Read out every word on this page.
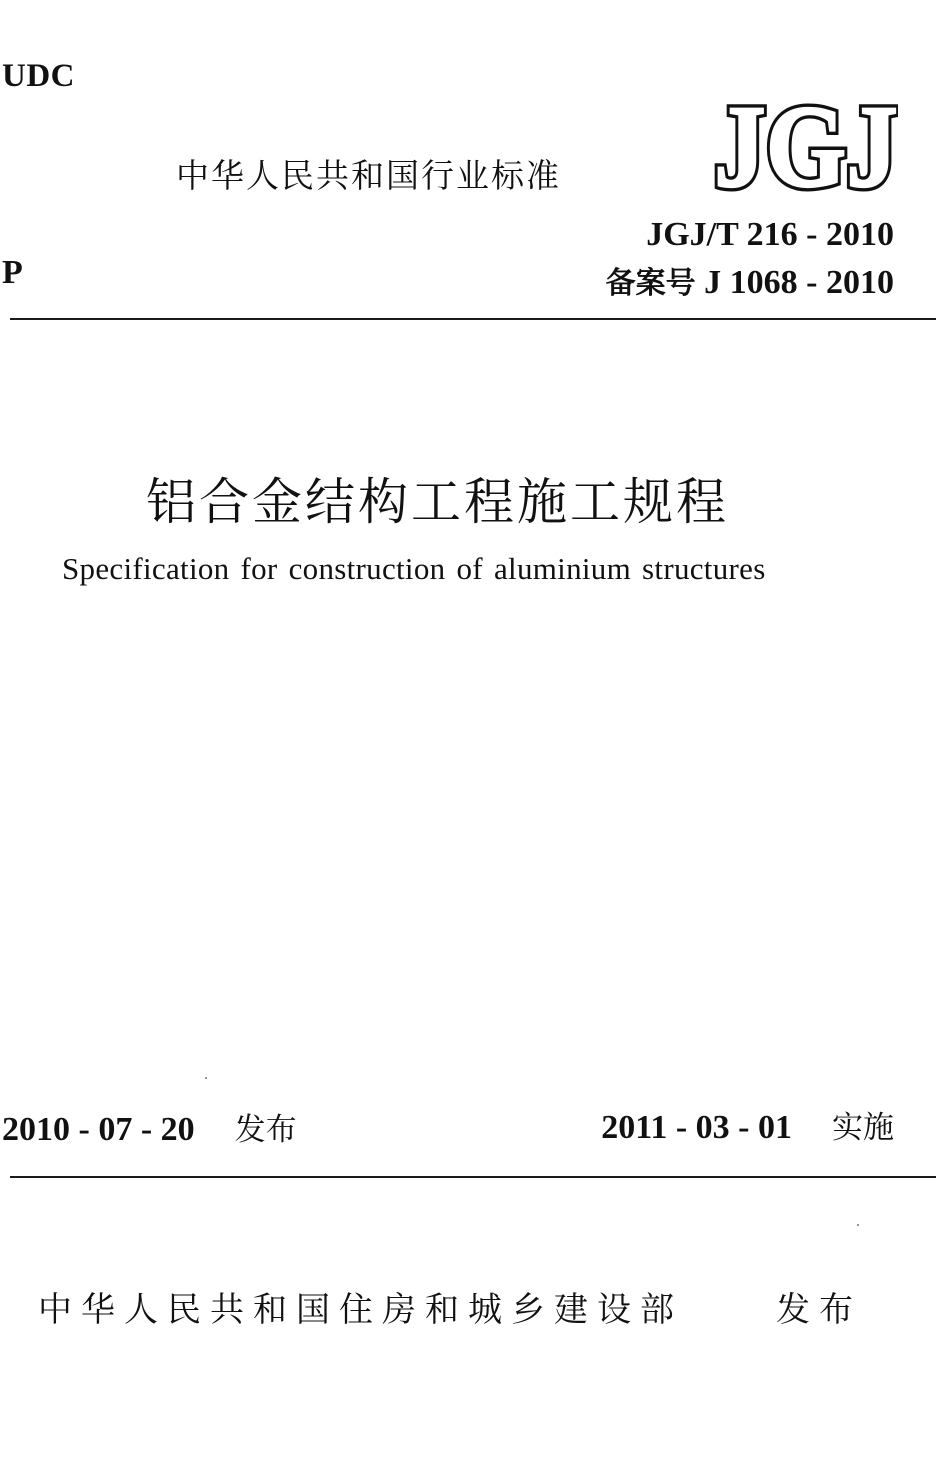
UDC
中华人民共和国行业标准 JGJ
JGJ
JGJ/T 216 - 2010
P	备案号 J 1068 - 2010
铝合金结构工程施工规程
Specification for construction of aluminium structures
2010 - 07 - 20 发布	2011 - 03 - 01 实施
中华人民共和国住房和城乡建设部	发布
